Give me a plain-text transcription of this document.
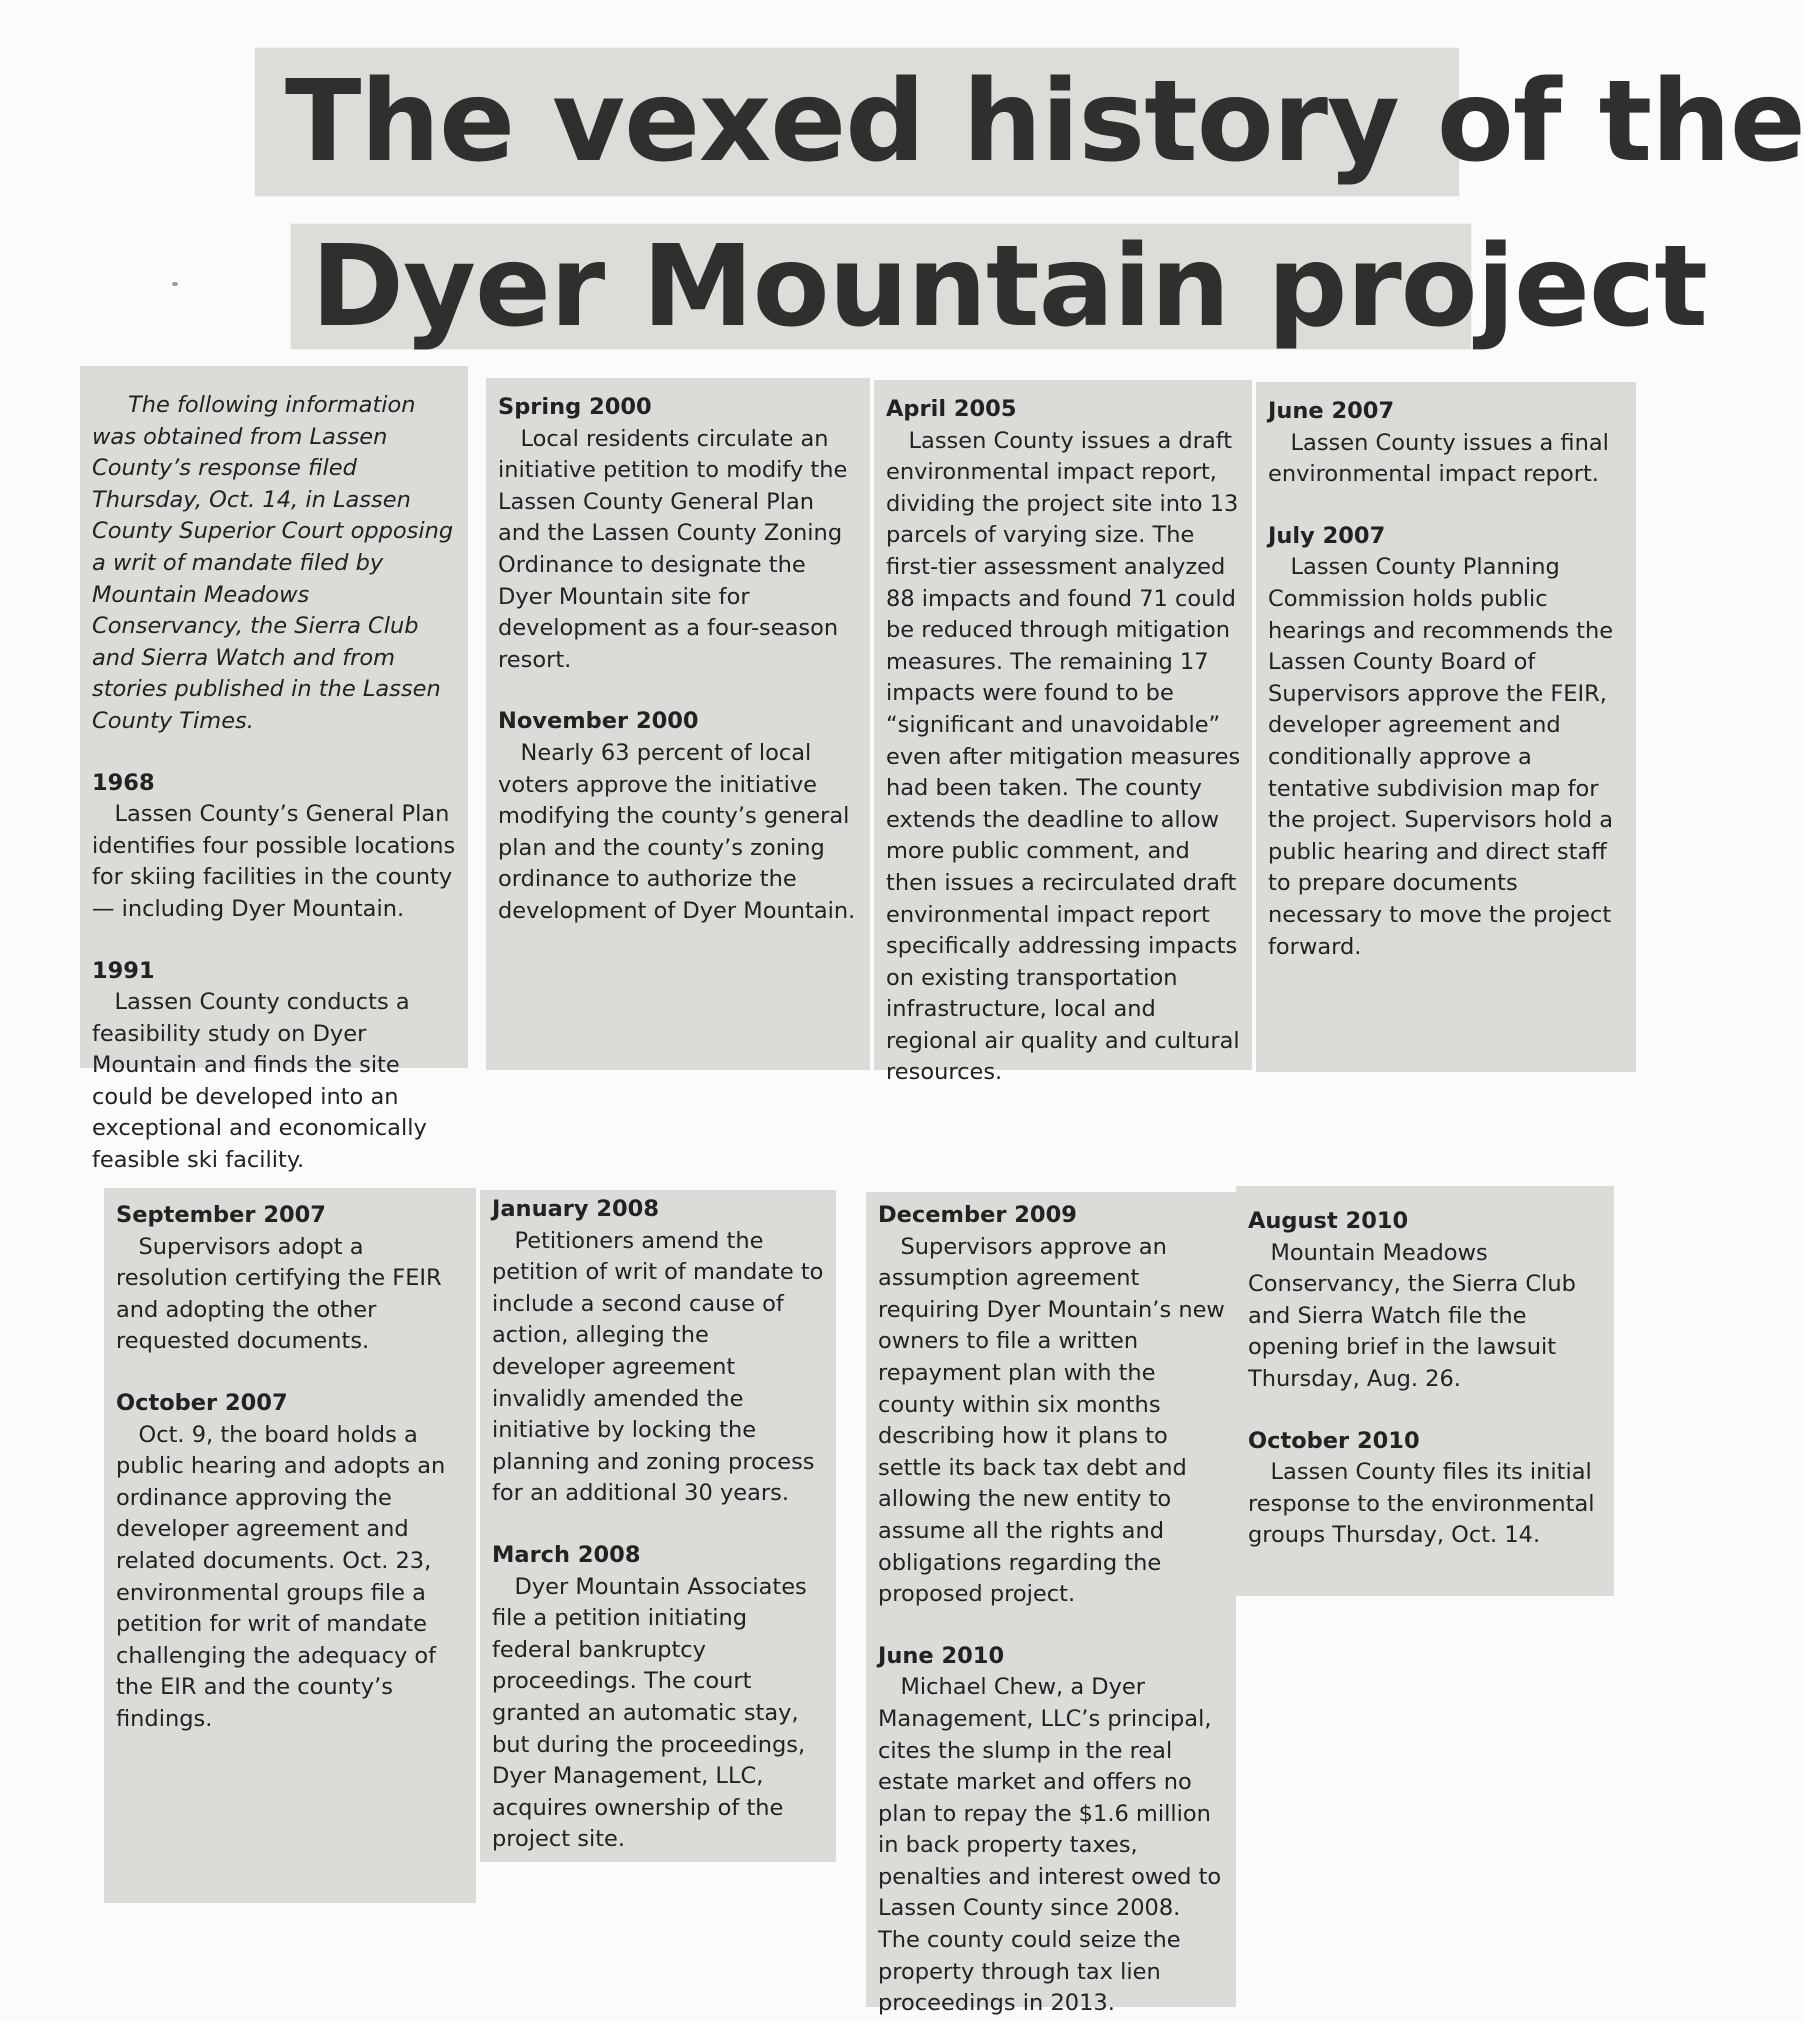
The vexed history of the
Dyer Mountain project

The following information was obtained from Lassen County’s response filed Thursday, Oct. 14, in Lassen County Superior Court opposing a writ of mandate filed by Mountain Meadows Conservancy, the Sierra Club and Sierra Watch and from stories published in the Lassen County Times.

1968

Lassen County’s General Plan identifies four possible locations for skiing facilities in the county — including Dyer Mountain.

1991

Lassen County conducts a feasibility study on Dyer Mountain and finds the site could be developed into an exceptional and economically feasible ski facility.

Spring 2000

Local residents circulate an initiative petition to modify the Lassen County General Plan and the Lassen County Zoning Ordinance to designate the Dyer Mountain site for development as a four-season resort.

November 2000

Nearly 63 percent of local voters approve the initiative modifying the county’s general plan and the county’s zoning ordinance to authorize the development of Dyer Mountain.

April 2005

Lassen County issues a draft environmental impact report, dividing the project site into 13 parcels of varying size. The first-tier assessment analyzed 88 impacts and found 71 could be reduced through mitigation measures. The remaining 17 impacts were found to be “significant and unavoidable” even after mitigation measures had been taken. The county extends the deadline to allow more public comment, and then issues a recirculated draft environmental impact report specifically addressing impacts on existing transportation infrastructure, local and regional air quality and cultural resources.

June 2007

Lassen County issues a final environmental impact report.

July 2007

Lassen County Planning Commission holds public hearings and recommends the Lassen County Board of Supervisors approve the FEIR, developer agreement and conditionally approve a tentative subdivision map for the project. Supervisors hold a public hearing and direct staff to prepare documents necessary to move the project forward.

September 2007

Supervisors adopt a resolution certifying the FEIR and adopting the other requested documents.

October 2007

Oct. 9, the board holds a public hearing and adopts an ordinance approving the developer agreement and related documents. Oct. 23, environmental groups file a petition for writ of mandate challenging the adequacy of the EIR and the county’s findings.

January 2008

Petitioners amend the petition of writ of mandate to include a second cause of action, alleging the developer agreement invalidly amended the initiative by locking the planning and zoning process for an additional 30 years.

March 2008

Dyer Mountain Associates file a petition initiating federal bankruptcy proceedings. The court granted an automatic stay, but during the proceedings, Dyer Management, LLC, acquires ownership of the project site.

December 2009

Supervisors approve an assumption agreement requiring Dyer Mountain’s new owners to file a written repayment plan with the county within six months describing how it plans to settle its back tax debt and allowing the new entity to assume all the rights and obligations regarding the proposed project.

June 2010

Michael Chew, a Dyer Management, LLC’s principal, cites the slump in the real estate market and offers no plan to repay the $1.6 million in back property taxes, penalties and interest owed to Lassen County since 2008. The county could seize the property through tax lien proceedings in 2013.

August 2010

Mountain Meadows Conservancy, the Sierra Club and Sierra Watch file the opening brief in the lawsuit Thursday, Aug. 26.

October 2010

Lassen County files its initial response to the environmental groups Thursday, Oct. 14.
